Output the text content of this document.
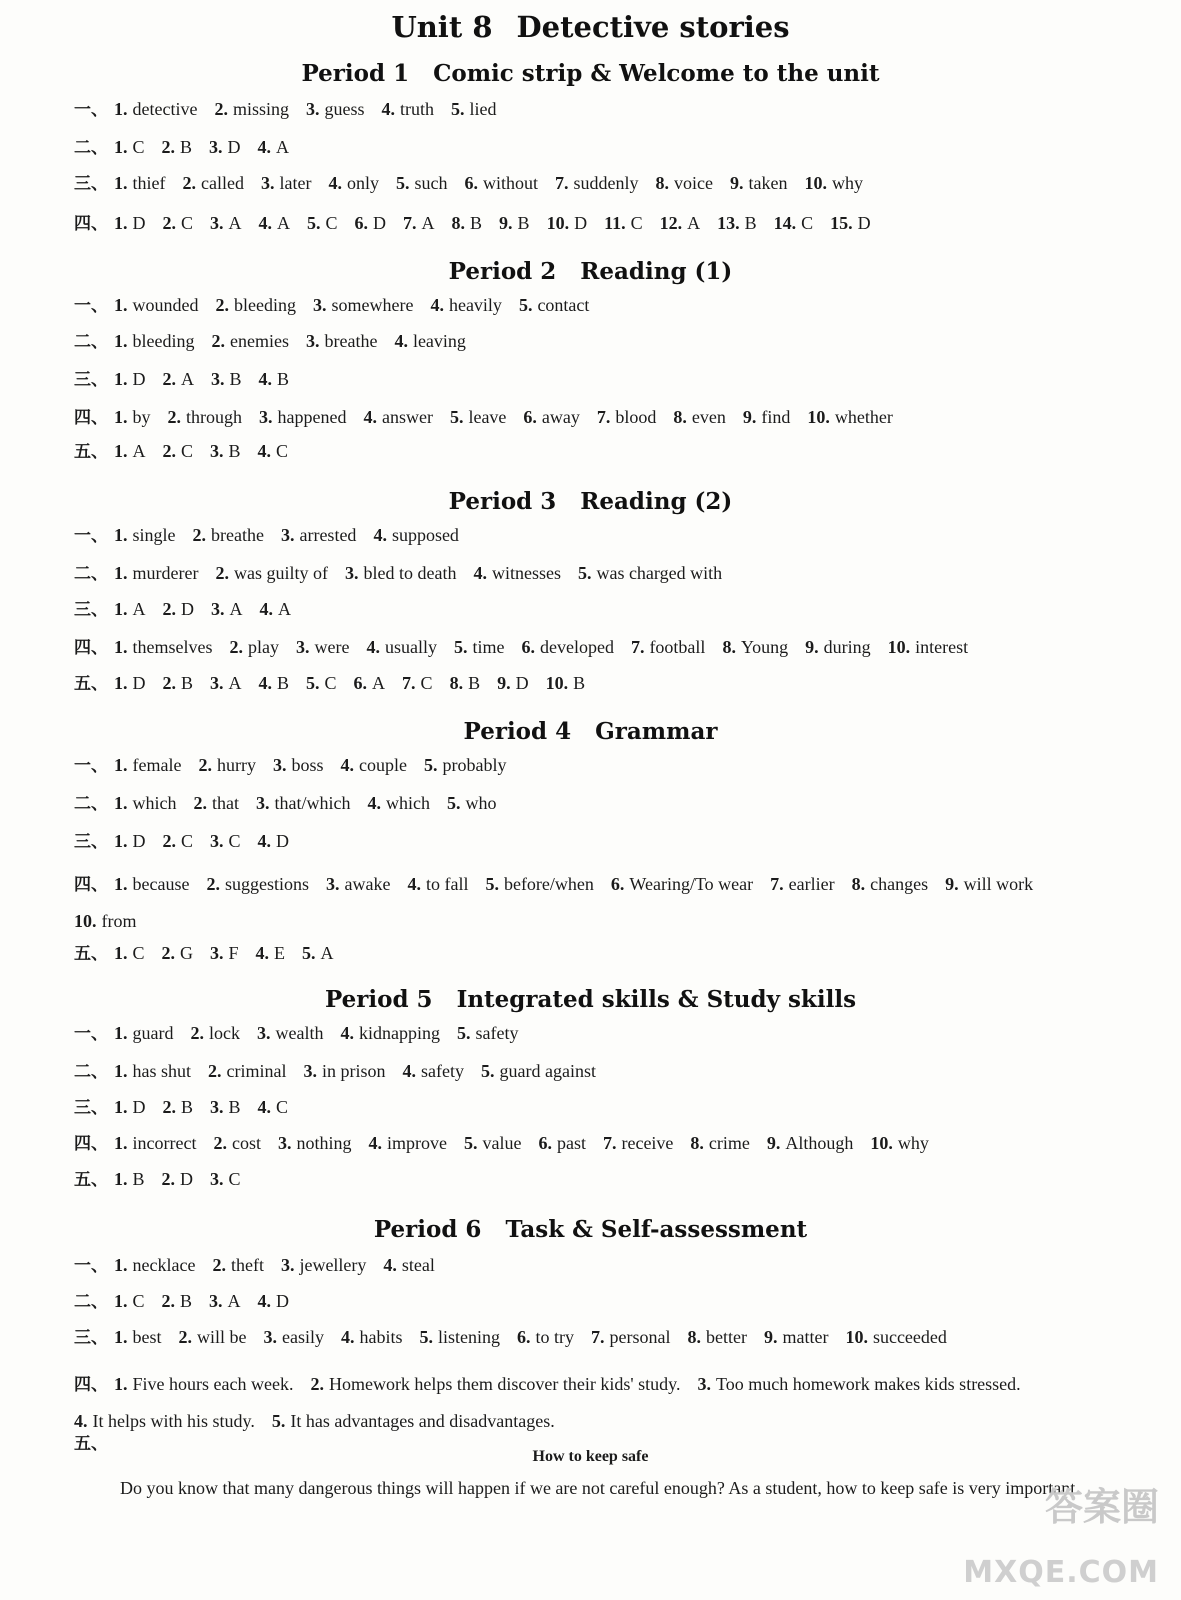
Unit 8 Detective stories
Period 1 Comic strip & Welcome to the unit
一、 1. detective 2. missing 3. guess 4. truth 5. lied
二、 1. C 2. B 3. D 4. A
三、 1. thief 2. called 3. later 4. only 5. such 6. without 7. suddenly 8. voice 9. taken 10. why
四、 1. D 2. C 3. A 4. A 5. C 6. D 7. A 8. B 9. B 10. D 11. C 12. A 13. B 14. C 15. D
Period 2 Reading (1)
一、 1. wounded 2. bleeding 3. somewhere 4. heavily 5. contact
二、 1. bleeding 2. enemies 3. breathe 4. leaving
三、 1. D 2. A 3. B 4. B
四、 1. by 2. through 3. happened 4. answer 5. leave 6. away 7. blood 8. even 9. find 10. whether
五、 1. A 2. C 3. B 4. C
Period 3 Reading (2)
一、 1. single 2. breathe 3. arrested 4. supposed
二、 1. murderer 2. was guilty of 3. bled to death 4. witnesses 5. was charged with
三、 1. A 2. D 3. A 4. A
四、 1. themselves 2. play 3. were 4. usually 5. time 6. developed 7. football 8. Young 9. during 10. interest
五、 1. D 2. B 3. A 4. B 5. C 6. A 7. C 8. B 9. D 10. B
Period 4 Grammar
一、 1. female 2. hurry 3. boss 4. couple 5. probably
二、 1. which 2. that 3. that/which 4. which 5. who
三、 1. D 2. C 3. C 4. D
四、 1. because 2. suggestions 3. awake 4. to fall 5. before/when 6. Wearing/To wear 7. earlier 8. changes 9. will work10. from
五、 1. C 2. G 3. F 4. E 5. A
Period 5 Integrated skills & Study skills
一、 1. guard 2. lock 3. wealth 4. kidnapping 5. safety
二、 1. has shut 2. criminal 3. in prison 4. safety 5. guard against
三、 1. D 2. B 3. B 4. C
四、 1. incorrect 2. cost 3. nothing 4. improve 5. value 6. past 7. receive 8. crime 9. Although 10. why
五、 1. B 2. D 3. C
Period 6 Task & Self-assessment
一、 1. necklace 2. theft 3. jewellery 4. steal
二、 1. C 2. B 3. A 4. D
三、 1. best 2. will be 3. easily 4. habits 5. listening 6. to try 7. personal 8. better 9. matter 10. succeeded
四、 1. Five hours each week. 2. Homework helps them discover their kids' study. 3. Too much homework makes kids stressed.4. It helps with his study. 5. It has advantages and disadvantages.
五、
How to keep safe
Do you know that many dangerous things will happen if we are not careful enough? As a student, how to keep safe is very important.
答案圈
MXQE.COM
